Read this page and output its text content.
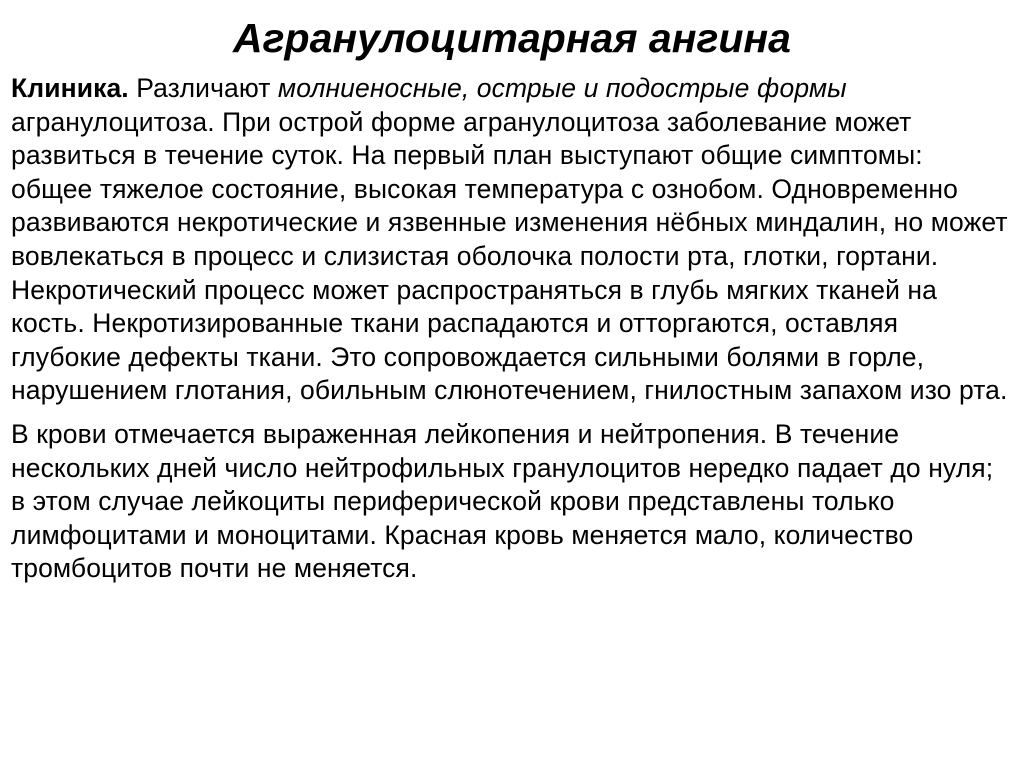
Агранулоцитарная ангина

Клиника. Различают молниеносные, острые и подострые формы агранулоцитоза. При острой форме агранулоцитоза заболевание может развиться в течение суток. На первый план выступают общие симптомы: общее тяжелое состояние, высокая температура с ознобом. Одновременно развиваются некротические и язвенные изменения нёбных миндалин, но может вовлекаться в процесс и слизистая оболочка полости рта, глотки, гортани. Некротический процесс может распространяться в глубь мягких тканей на кость. Некротизированные ткани распадаются и отторгаются, оставляя глубокие дефекты ткани. Это сопровождается сильными болями в горле, нарушением глотания, обильным слюнотечением, гнилостным запахом изо рта.

В крови отмечается выраженная лейкопения и нейтропения. В течение нескольких дней число нейтрофильных гранулоцитов нередко падает до нуля; в этом случае лейкоциты периферической крови представлены только лимфоцитами и моноцитами. Красная кровь меняется мало, количество тромбоцитов почти не меняется.
